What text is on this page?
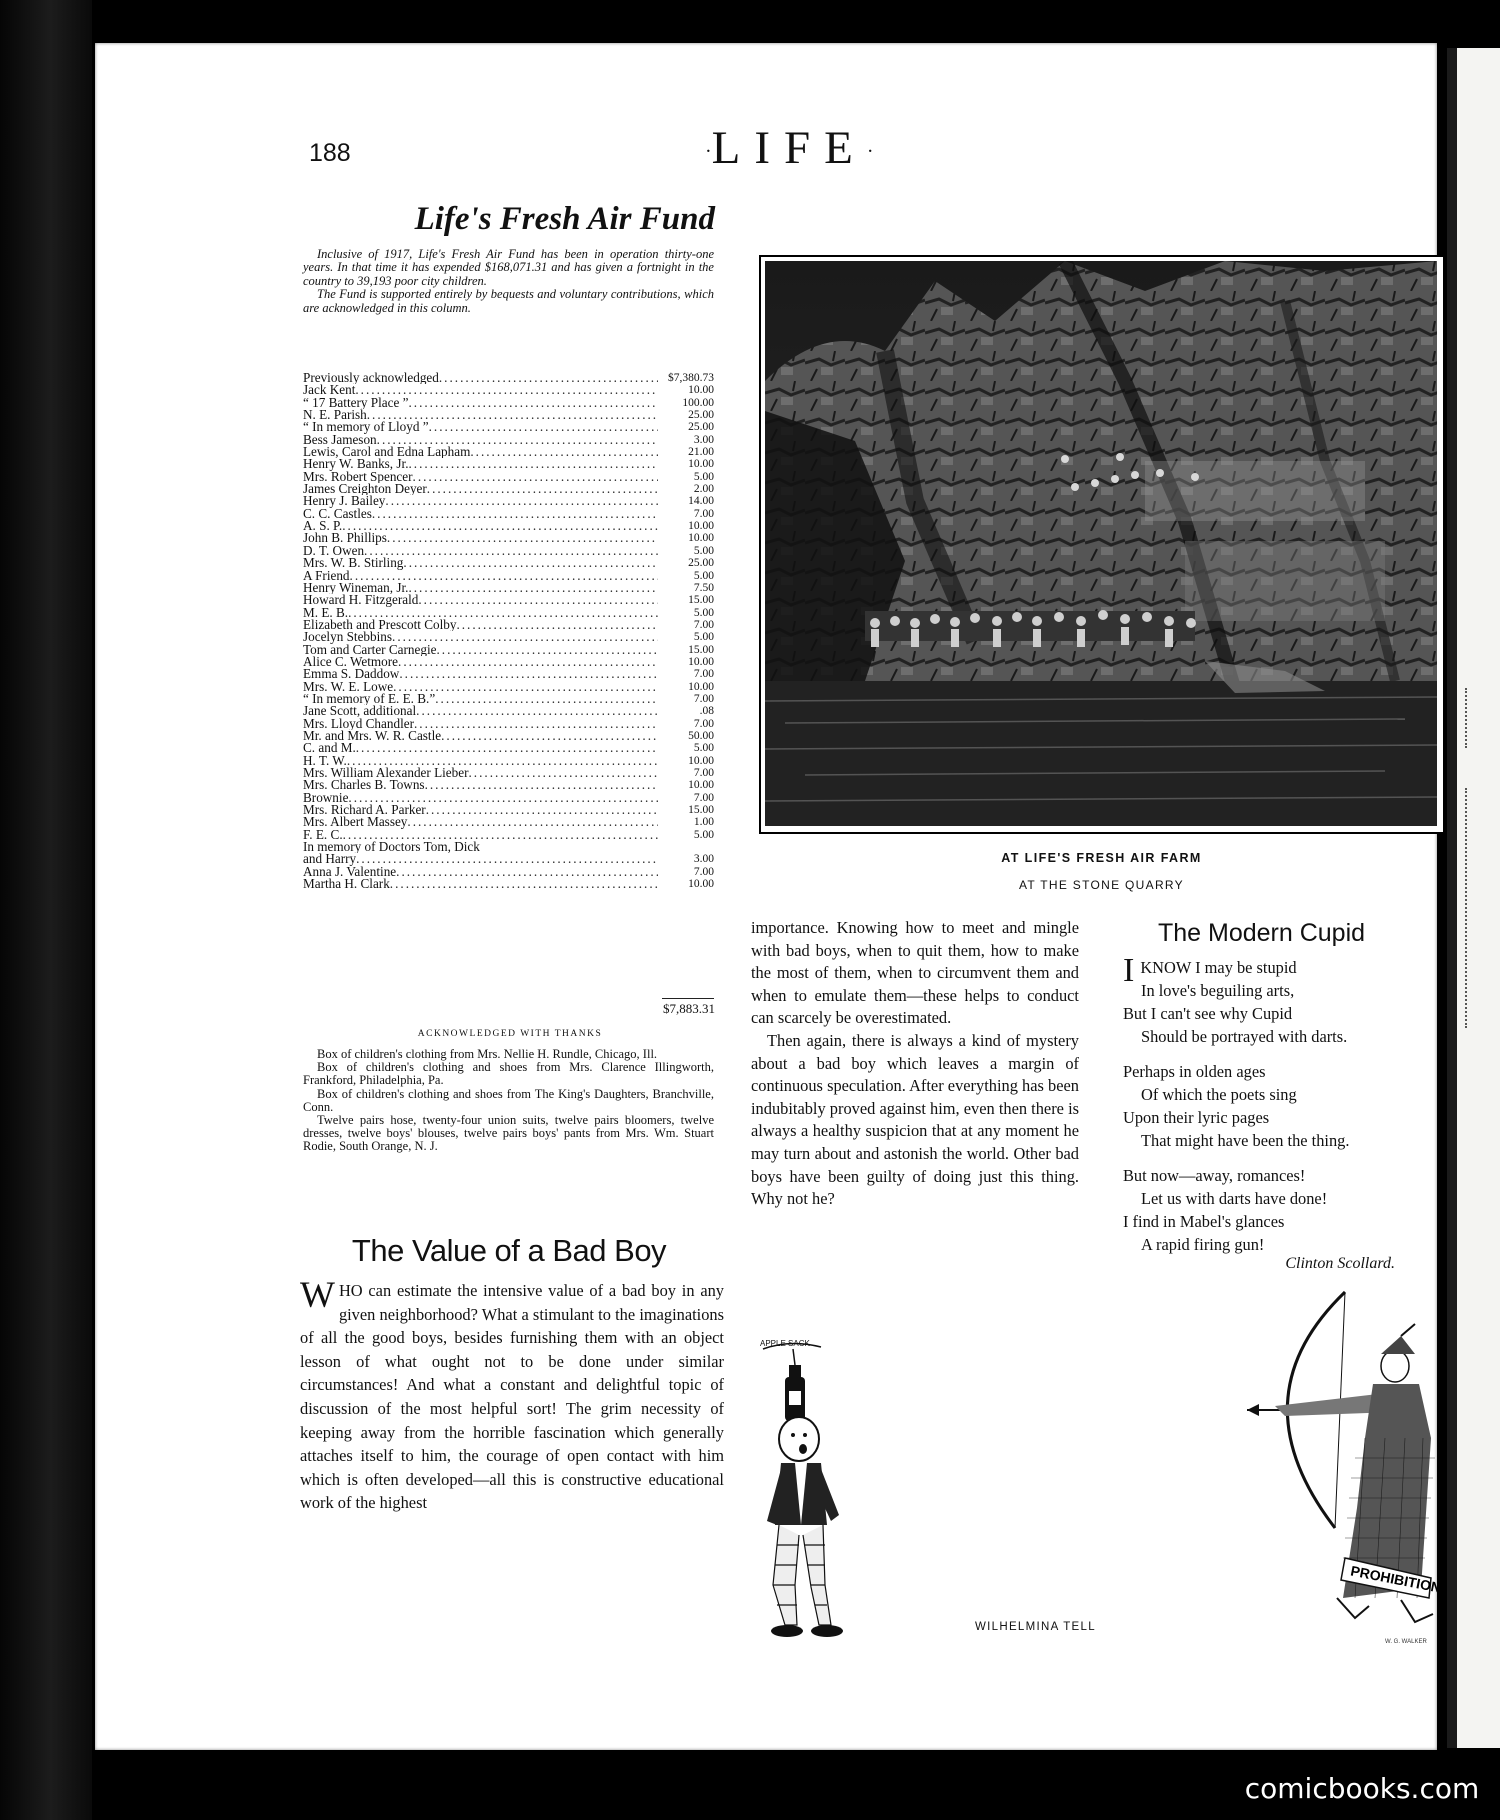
188	·LIFE·
Life's Fresh Air Fund

Inclusive of 1917, Life's Fresh Air Fund has been in operation thirty-one years. In that time it has expended $168,071.31 and has given a fortnight in the country to 39,193 poor city children.

The Fund is supported entirely by bequests and voluntary contributions, which are acknowledged in this column.

Previously acknowledged .....	$7,380.73
Jack Kent .....	10.00
“ 17 Battery Place ” .....	100.00
N. E. Parish .....	25.00
“ In memory of Lloyd ” .....	25.00
Bess Jameson .....	3.00
Lewis, Carol and Edna Lapham .....	21.00
Henry W. Banks, Jr. .....	10.00
Mrs. Robert Spencer .....	5.00
James Creighton Deyer .....	2.00
Henry J. Bailey .....	14.00
C. C. Castles .....	7.00
A. S. P. .....	10.00
John B. Phillips .....	10.00
D. T. Owen .....	5.00
Mrs. W. B. Stirling .....	25.00
A Friend .....	5.00
Henry Wineman, Jr. .....	7.50
Howard H. Fitzgerald .....	15.00
M. E. B. .....	5.00
Elizabeth and Prescott Colby .....	7.00
Jocelyn Stebbins .....	5.00
Tom and Carter Carnegie .....	15.00
Alice C. Wetmore .....	10.00
Emma S. Daddow .....	7.00
Mrs. W. E. Lowe .....	10.00
“ In memory of E. E. B.” .....	7.00
Jane Scott, additional .....	.08
Mrs. Lloyd Chandler .....	7.00
Mr. and Mrs. W. R. Castle .....	50.00
C. and M. .....	5.00
H. T. W. .....	10.00
Mrs. William Alexander Lieber .....	7.00
Mrs. Charles B. Towns .....	10.00
Brownie .....	7.00
Mrs. Richard A. Parker .....	15.00
Mrs. Albert Massey .....	1.00
F. E. C. .....	5.00
In memory of Doctors Tom, Dick
and Harry .....	3.00
Anna J. Valentine .....	7.00
Martha H. Clark .....	10.00
$7,883.31
ACKNOWLEDGED WITH THANKS

Box of children's clothing from Mrs. Nellie H. Rundle, Chicago, Ill.

Box of children's clothing and shoes from Mrs. Clarence Illingworth, Frankford, Philadelphia, Pa.

Box of children's clothing and shoes from The King's Daughters, Branchville, Conn.

Twelve pairs hose, twenty-four union suits, twelve pairs bloomers, twelve dresses, twelve boys' blouses, twelve pairs boys' pants from Mrs. Wm. Stuart Rodie, South Orange, N. J.

The Value of a Bad Boy

WHO can estimate the intensive value of a bad boy in any given neighborhood? What a stimulant to the imaginations of all the good boys, besides furnishing them with an object lesson of what ought not to be done under similar circumstances! And what a constant and delightful topic of discussion of the most helpful sort! The grim necessity of keeping away from the horrible fascination which generally attaches itself to him, the courage of open contact with him which is often developed—all this is constructive educational work of the highest

AT LIFE'S FRESH AIR FARM
AT THE STONE QUARRY

importance. Knowing how to meet and mingle with bad boys, when to quit them, how to make the most of them, when to circumvent them and when to emulate them—these helps to conduct can scarcely be overestimated.

Then again, there is always a kind of mystery about a bad boy which leaves a margin of continuous speculation. After everything has been indubitably proved against him, even then there is always a healthy suspicion that at any moment he may turn about and astonish the world. Other bad boys have been guilty of doing just this thing. Why not he?

The Modern Cupid
I KNOW I may be stupid
In love's beguiling arts,
But I can't see why Cupid
Should be portrayed with darts.
Perhaps in olden ages
Of which the poets sing
Upon their lyric pages
That might have been the thing.
But now—away, romances!
Let us with darts have done!
I find in Mabel's glances
A rapid firing gun!
Clinton Scollard.
APPLE SACK
WILHELMINA TELL
PROHIBITION
W. G. WALKER
comicbooks.com
